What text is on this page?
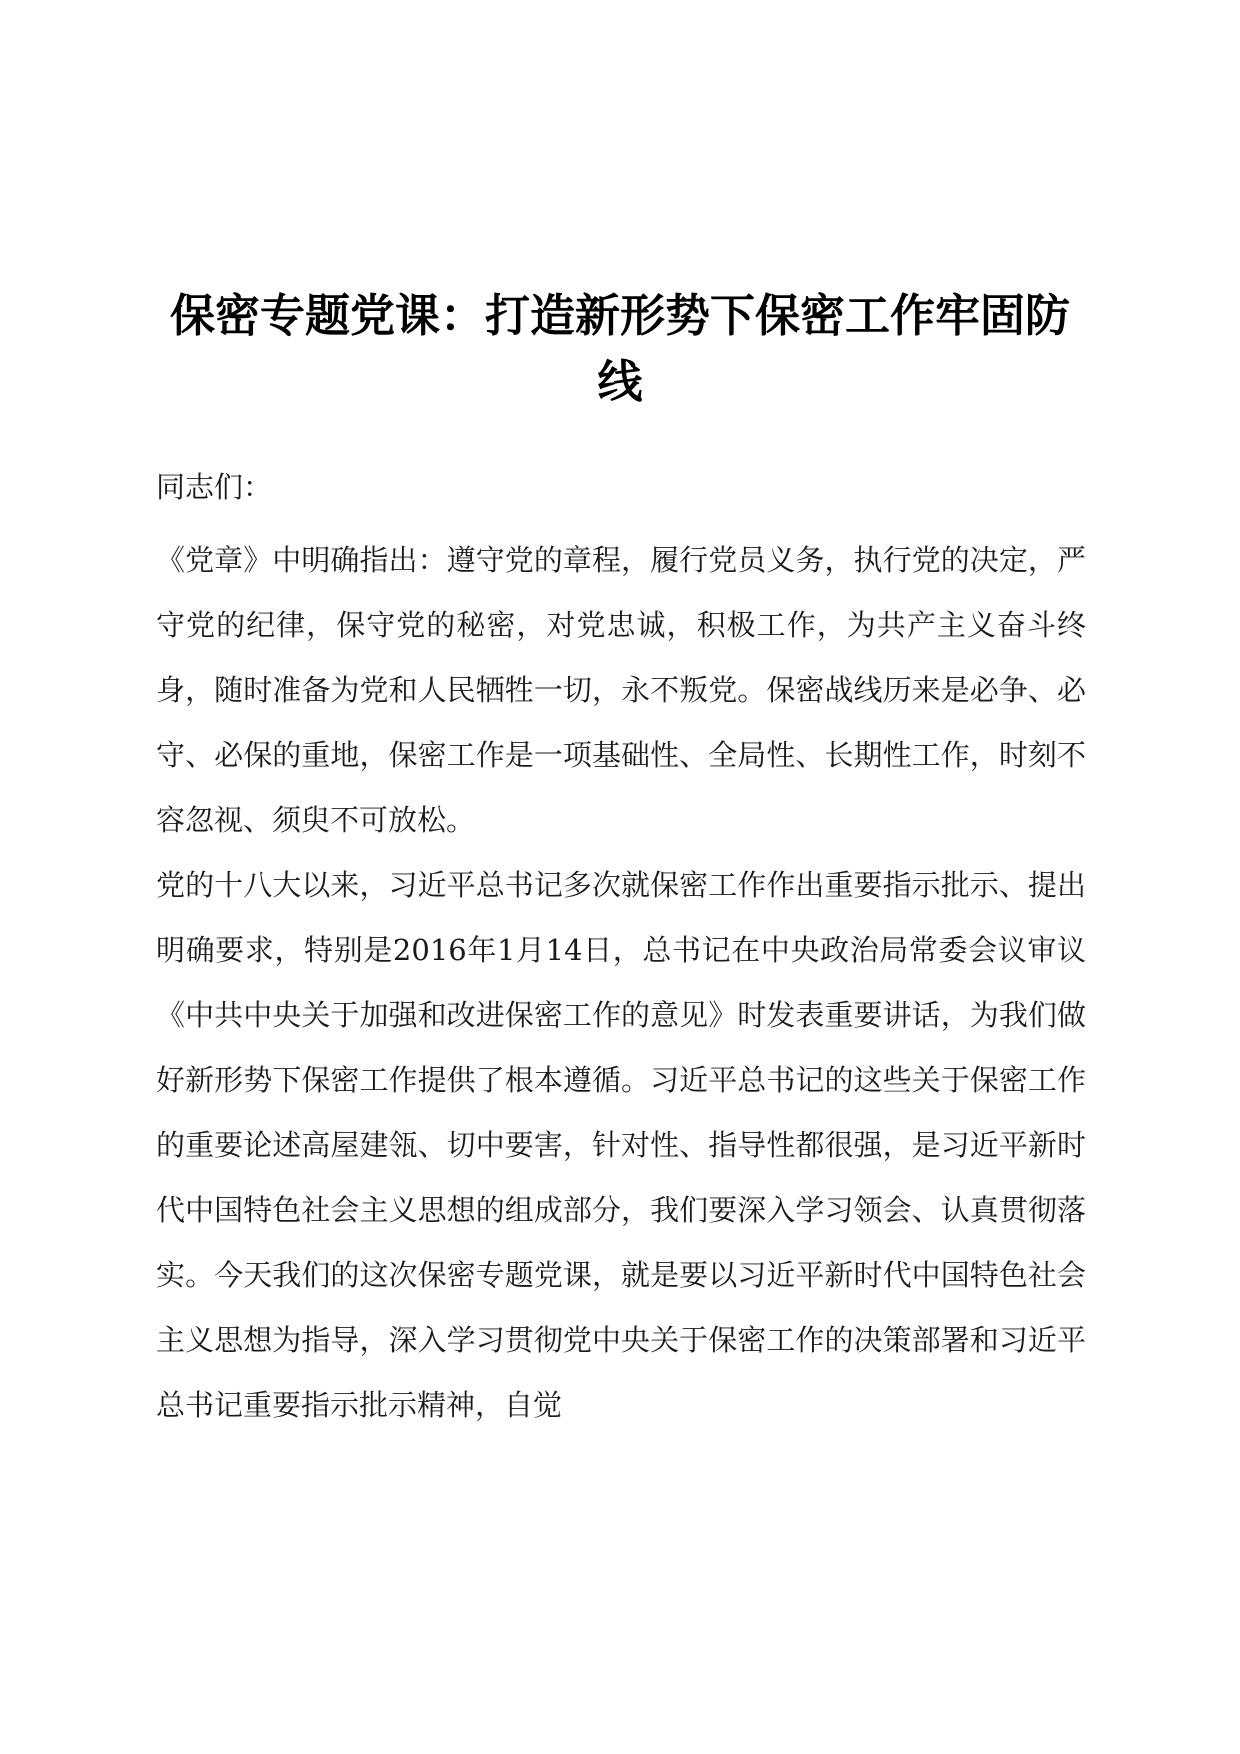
保密专题党课：打造新形势下保密工作牢固防线

同志们：

《党章》中明确指出：遵守党的章程，履行党员义务，执行党的决定，严守党的纪律，保守党的秘密，对党忠诚，积极工作，为共产主义奋斗终身，随时准备为党和人民牺牲一切，永不叛党。保密战线历来是必争、必守、必保的重地，保密工作是一项基础性、全局性、长期性工作，时刻不容忽视、须臾不可放松。

党的十八大以来，习近平总书记多次就保密工作作出重要指示批示、提出明确要求，特别是2016年1月14日，总书记在中央政治局常委会议审议《中共中央关于加强和改进保密工作的意见》时发表重要讲话，为我们做好新形势下保密工作提供了根本遵循。习近平总书记的这些关于保密工作的重要论述高屋建瓴、切中要害，针对性、指导性都很强，是习近平新时代中国特色社会主义思想的组成部分，我们要深入学习领会、认真贯彻落实。今天我们的这次保密专题党课，就是要以习近平新时代中国特色社会主义思想为指导，深入学习贯彻党中央关于保密工作的决策部署和习近平总书记重要指示批示精神，自觉
